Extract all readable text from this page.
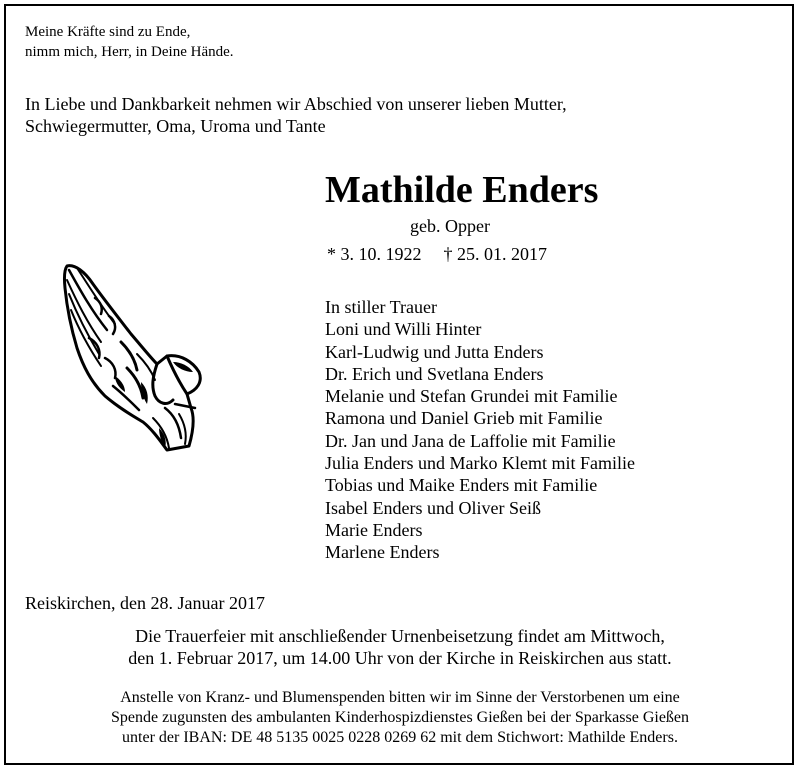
Meine Kräfte sind zu Ende,
nimm mich, Herr, in Deine Hände.
In Liebe und Dankbarkeit nehmen wir Abschied von unserer lieben Mutter,
Schwiegermutter, Oma, Uroma und Tante
Mathilde Enders
geb. Opper
* 3. 10. 1922 † 25. 01. 2017
In stiller Trauer
Loni und Willi Hinter
Karl-Ludwig und Jutta Enders
Dr. Erich und Svetlana Enders
Melanie und Stefan Grundei mit Familie
Ramona und Daniel Grieb mit Familie
Dr. Jan und Jana de Laffolie mit Familie
Julia Enders und Marko Klemt mit Familie
Tobias und Maike Enders mit Familie
Isabel Enders und Oliver Seiß
Marie Enders
Marlene Enders
Reiskirchen, den 28. Januar 2017
Die Trauerfeier mit anschließender Urnenbeisetzung findet am Mittwoch,
den 1. Februar 2017, um 14.00 Uhr von der Kirche in Reiskirchen aus statt.
Anstelle von Kranz- und Blumenspenden bitten wir im Sinne der Verstorbenen um eine
Spende zugunsten des ambulanten Kinderhospizdienstes Gießen bei der Sparkasse Gießen
unter der IBAN: DE 48 5135 0025 0228 0269 62 mit dem Stichwort: Mathilde Enders.
